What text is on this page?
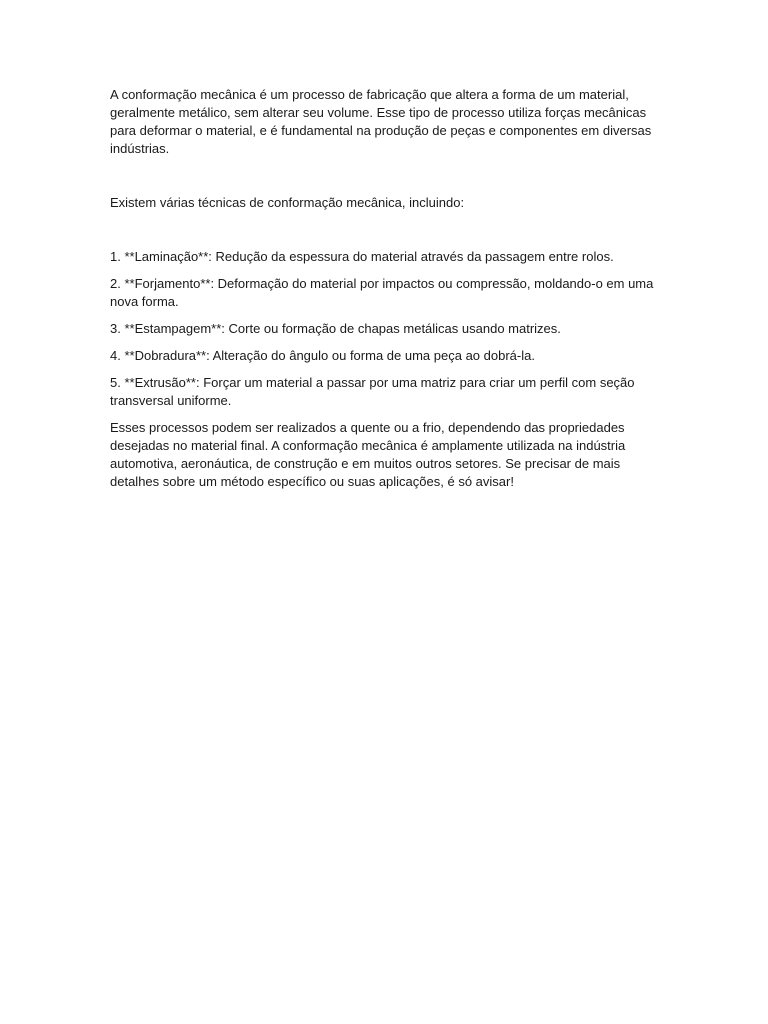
A conformação mecânica é um processo de fabricação que altera a forma de um material, geralmente metálico, sem alterar seu volume. Esse tipo de processo utiliza forças mecânicas para deformar o material, e é fundamental na produção de peças e componentes em diversas indústrias.

Existem várias técnicas de conformação mecânica, incluindo:

1. **Laminação**: Redução da espessura do material através da passagem entre rolos.

2. **Forjamento**: Deformação do material por impactos ou compressão, moldando-o em uma nova forma.

3. **Estampagem**: Corte ou formação de chapas metálicas usando matrizes.

4. **Dobradura**: Alteração do ângulo ou forma de uma peça ao dobrá-la.

5. **Extrusão**: Forçar um material a passar por uma matriz para criar um perfil com seção transversal uniforme.

Esses processos podem ser realizados a quente ou a frio, dependendo das propriedades desejadas no material final. A conformação mecânica é amplamente utilizada na indústria automotiva, aeronáutica, de construção e em muitos outros setores. Se precisar de mais detalhes sobre um método específico ou suas aplicações, é só avisar!
